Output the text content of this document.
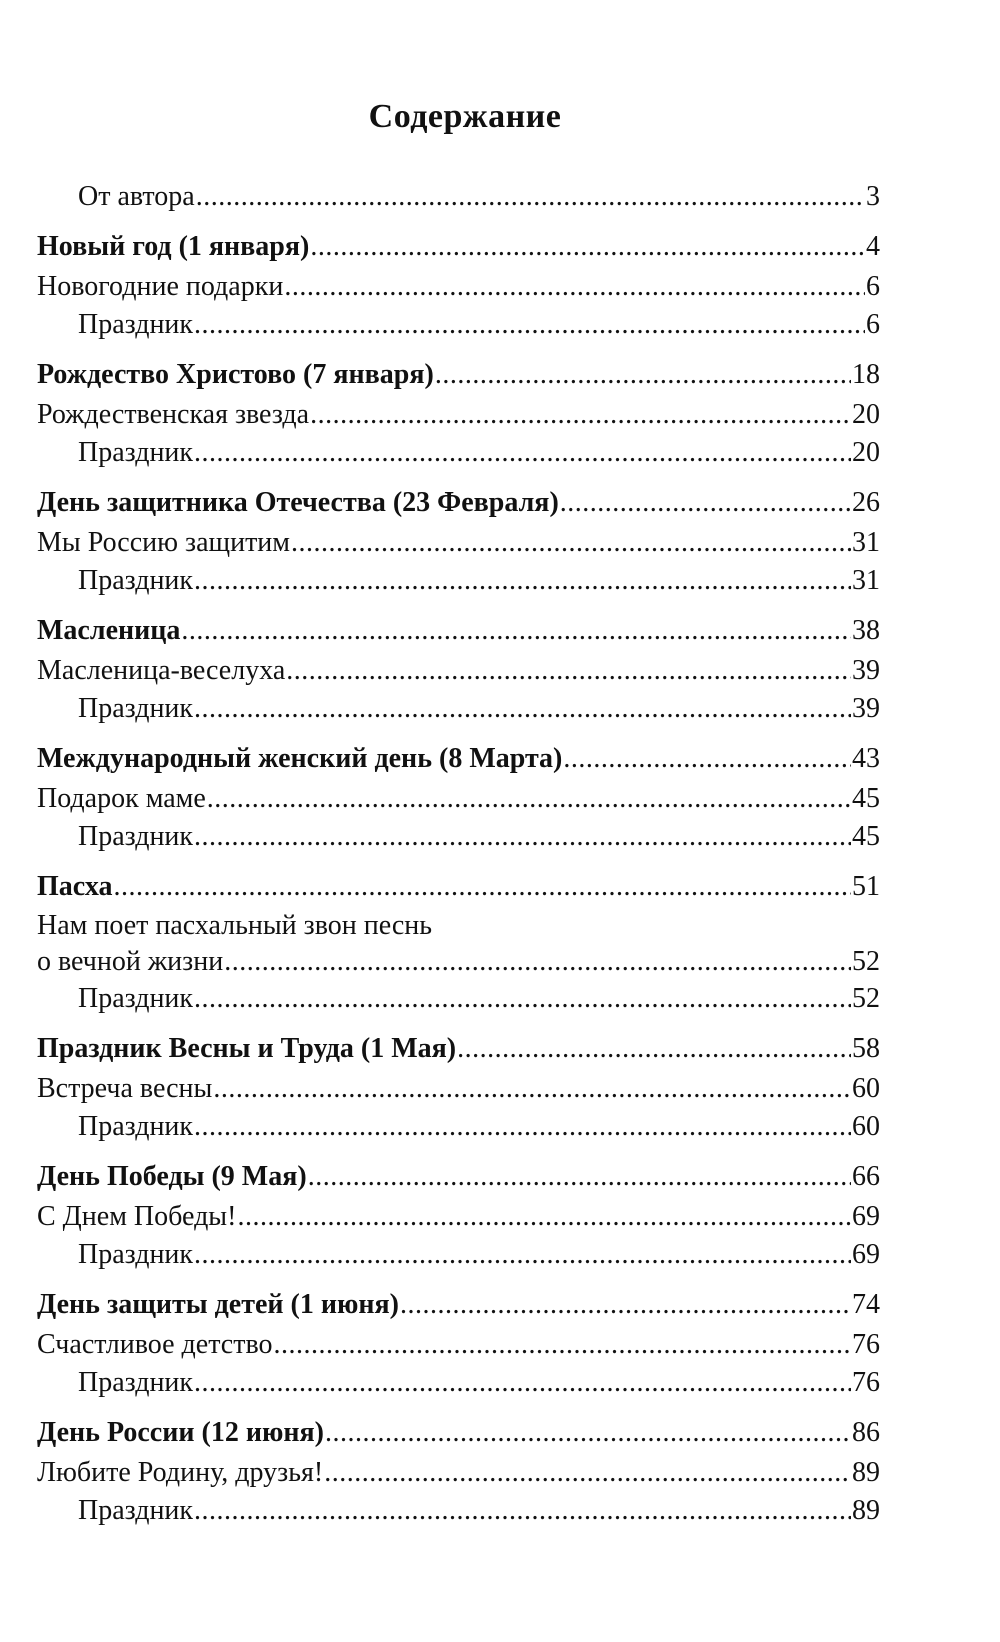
Содержание
От автора .....	3
Новый год (1 января) .....	4
Новогодние подарки .....	6
Праздник .....	6
Рождество Христово (7 января) .....	18
Рождественская звезда .....	20
Праздник .....	20
День защитника Отечества (23 Февраля) .....	26
Мы Россию защитим .....	31
Праздник .....	31
Масленица .....	38
Масленица-веселуха .....	39
Праздник .....	39
Международный женский день (8 Марта) .....	43
Подарок маме .....	45
Праздник .....	45
Пасха .....	51
Нам поет пасхальный звон песнь
о вечной жизни .....	52
Праздник .....	52
Праздник Весны и Труда (1 Мая) .....	58
Встреча весны .....	60
Праздник .....	60
День Победы (9 Мая) .....	66
С Днем Победы! .....	69
Праздник .....	69
День защиты детей (1 июня) .....	74
Счастливое детство .....	76
Праздник .....	76
День России (12 июня) .....	86
Любите Родину, друзья! .....	89
Праздник .....	89
